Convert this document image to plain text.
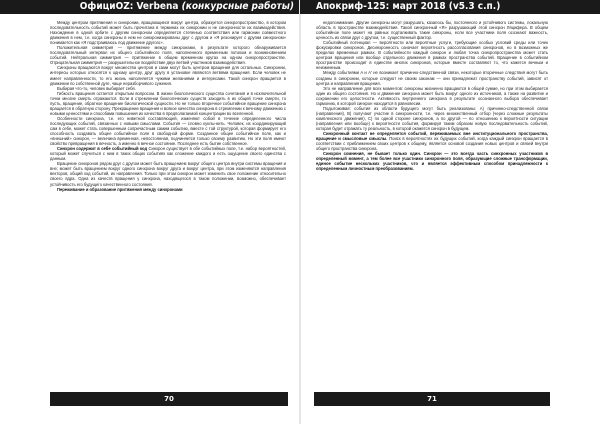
ОфициOZ: Verbena (конкурсные работы)

Между центром притяжения и синхронии, вращающиеся вокруг центра, образуется синхропространство, в котором последовательность событий может быть прочитана в терминах их синхронии и не синхронности их взаимодействия. Нахождение в одной орбите с другим синхроном определяется степенью соответствия или гармонии совместного движения в нем, т.е. когда синхроны в нем не синхронизированы друг с другом и «Я резонирует с другим синхроном» понимается как «Я подстраиваюсь под движение другого».

Положительная симметрия — притяжение между синхронами, в результате которого обнаруживается последовательный интервал их общего событийного поля, наполненного временным потоком и возникновением событий. Нейтральная симметрия — притяжение в общем временном кругах на одном синхропространстве. Отрицательная симметрия — разрушительное воздействие двух ветвей участников взаимодействия.

Синхроны вращаются вокруг множества центров и сами могут быть центром вращения для остальных. Синхронии, интересы которых относятся к одному центру, друг другу в установке являются ветвями вращения. Если человек не имеет направленности, то его жизнь наполняется чужими желаниями и интересами. Такой синхрон вращается в движении по собственной дуге, чаще неразборчивого сужения.

Выбирая что-то, человек выбирает себя.

Гибкость вращения остается открытым вопросом. В жизни биологического существа сочетания и в исключительной точки многие смерть отражаются. Если в стремлении биологических существ заходить в их общей точке смерти, то пусть, вращение, обратное вращение биологической сущности. Но не только вторичное событийное вращение синхрона вращается в обратную сторону. Прекращение вращения и всякое качество синхрона в стремлении к вечному движению с новыми ценностями и способами повышения их качества в предполагаемой концентрации во вселенной.

Особенности синхрона, т.е. его ниветной составляющей, изменяют собой в течение определенного числа последующих событий, связанных с новыми смыслами. События — словно куклы-нить. Человек, их координирующий сам в себе, может стать совершенным сопричастным самим событию, вместе с той структурой, которая формирует его способность создавать общее событийное поле в свободной форме. Созданное общее событийное поле, как и «внешний» синхрон, — величина временная, непостоянная, подчиняется только своему развитию. Но эти поля имеют свойство превращения в вечность, а именно в вечное состояние. Последнее есть бытие собственное.

Синхрон содержит в себе событийный код Синхрон существует в обе событийных поле, т.е. набор вероятностей, который может случиться с ним в таких общих событиях как сложение каждого и есть ощущение своего единства с данным.

Вращение синхронов рядом друг с другом может быть вращением вокруг общего центра внутри системы вращения и вне; может быть вращением вокруг одного синхрона вокруг друга и вокруг центра, при этом изменяются направления векторов, общий ход событий, их направления. Только при этом синхрон может изменить свое положение относительно своего ядра. Одна из качеств вращения у синхрона, находящегося в таком положении, возможно, обеспечивает устойчивость его будущего качественного состояния.

Переживание и образование притяжения между синхронами

70
Апокриф-125: март 2018 (v5.3 с.п.)

недопонимание. Другие синхроны могут разрушать, казалось бы, постоянного и устойчивого системы, локальную область в пространстве взаимодействия. Такой синхронный «Я» разрушающий этой синхрон Ляцифера. В общем событийное поле может на равных подталкивать такие синхроны, если все участники поля осознают важность, ценность их связи друг с другом, т.е. существенный фактор.

Событийный потенциал — вероятности или вероятные услуги, требующие особых условий среды или точек фокусировки синхронов. Десинхронность означает вероятность рассогласования синхронов, но в возможных же пределах временных рамках. В событийности каждый синхрон и любая точка синхропространства может стать центром вращения или вообще отдельного движения в рамках пространства событий. Вращение в событийном пространстве происходит в единстве многих синхронов, которые вместе составляют то, что кажется вечным и неизменным.

Между событиями A и A' не возникает причинно-следственной связи, некоторые вторичные следствия могут быть созданы в синхронии, которые следуют не своим законам — они принадлежат пространству событий, зависят от центра и направления вращения.

Это не направление для всех моментов: синхроны жизненно вращаются в общей сумме, но при этом выбирается один из общего состояния. Но и движение синхрона может быть вокруг одного из источников, а также на развитие и сохранении его целостности. Активность внутреннего синхрона в результате осознанного выбора обеспечивает гармонию, в которой синхрон находится в равновесии.

Подытоживая: события из области будущего могут быть реализованы: А) причинно-следственной связи (направления), В) получают участие в синхронности, т.е. через множественный отбор (через сложные результаты комплексного движения), C) по одной стороне синхронов, а по другой — по отношению к вероятности ситуации (направления или вообще) к вероятности события, формируя таким образом новую последовательность событий, которая будет отражать ту реальность, в которой окажется синхрон в будущем.

Синхронный контакт не определяется событий, переживаемых вне институционального пространства, вращение и смысловые смыслы. Поиск в вероятностях их будущих событий, когда каждый синхрон вращается в соответствии с приближением своих центров к общему, является основой создания новых центров и связей внутри общего пространства синхрона.

Синхрон сомнения, не бывает только один. Синхрон — это всегда часть синхронных участников в определенный момент, а тем более все участники синхронного поля, образующие сложные трансформации, единое событие нескольких участников, что и является эффективным способом принадлежности к определенным личностным преобразованиям.

71
